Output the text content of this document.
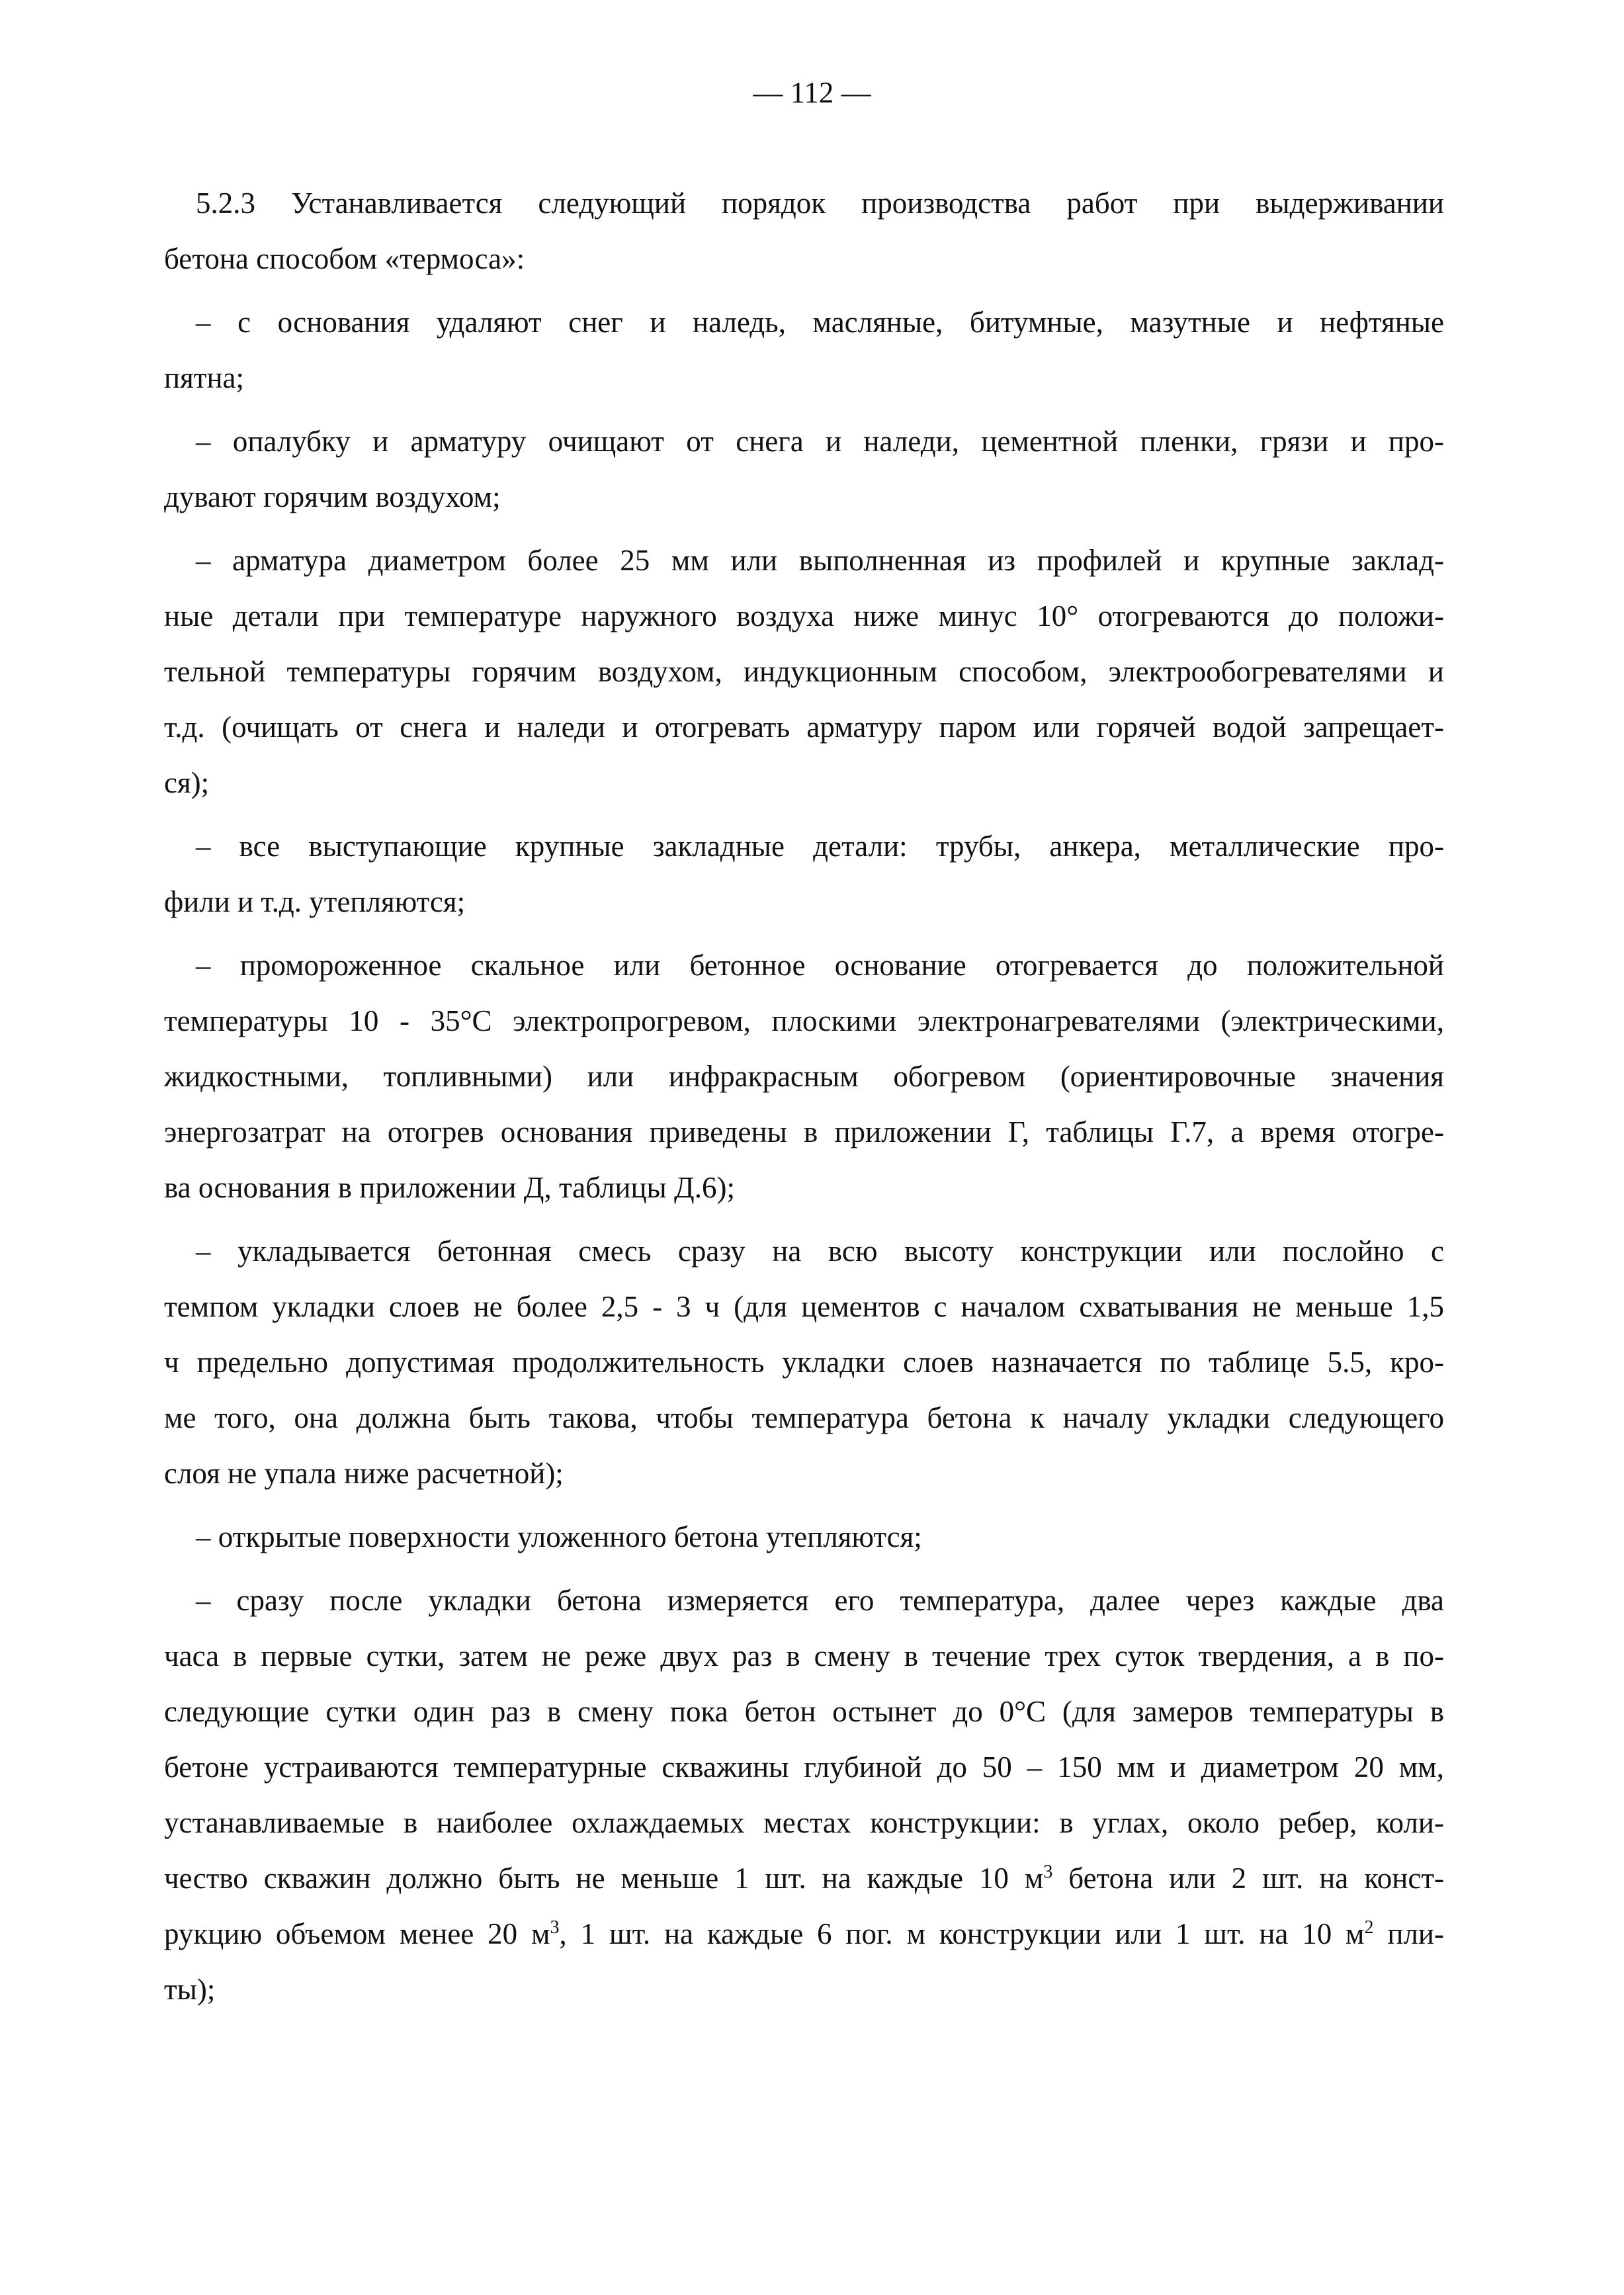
— 112 —

5.2.3 Устанавливается следующий порядок производства работ при выдерживании

бетона способом «термоса»:

– с основания удаляют снег и наледь, масляные, битумные, мазутные и нефтяные

пятна;

– опалубку и арматуру очищают от снега и наледи, цементной пленки, грязи и про-

дувают горячим воздухом;

– арматура диаметром более 25 мм или выполненная из профилей и крупные заклад-

ные детали при температуре наружного воздуха ниже минус 10° отогреваются до положи-

тельной температуры горячим воздухом, индукционным способом, электрообогревателями и

т.д. (очищать от снега и наледи и отогревать арматуру паром или горячей водой запрещает-

ся);

– все выступающие крупные закладные детали: трубы, анкера, металлические про-

фили и т.д. утепляются;

– промороженное скальное или бетонное основание отогревается до положительной

температуры 10 - 35°С электропрогревом, плоскими электронагревателями (электрическими,

жидкостными, топливными) или инфракрасным обогревом (ориентировочные значения

энергозатрат на отогрев основания приведены в приложении Г, таблицы Г.7, а время отогре-

ва основания в приложении Д, таблицы Д.6);

– укладывается бетонная смесь сразу на всю высоту конструкции или послойно с

темпом укладки слоев не более 2,5 - 3 ч (для цементов с началом схватывания не меньше 1,5

ч предельно допустимая продолжительность укладки слоев назначается по таблице 5.5, кро-

ме того, она должна быть такова, чтобы температура бетона к началу укладки следующего

слоя не упала ниже расчетной);

– открытые поверхности уложенного бетона утепляются;

– сразу после укладки бетона измеряется его температура, далее через каждые два

часа в первые сутки, затем не реже двух раз в смену в течение трех суток твердения, а в по-

следующие сутки один раз в смену пока бетон остынет до 0°С (для замеров температуры в

бетоне устраиваются температурные скважины глубиной до 50 – 150 мм и диаметром 20 мм,

устанавливаемые в наиболее охлаждаемых местах конструкции: в углах, около ребер, коли-

чество скважин должно быть не меньше 1 шт. на каждые 10 $м^3$ бетона или 2 шт. на конст-

рукцию объемом менее 20 $м^3$, 1 шт. на каждые 6 пог. м конструкции или 1 шт. на 10 $м^2$ пли-

ты);
